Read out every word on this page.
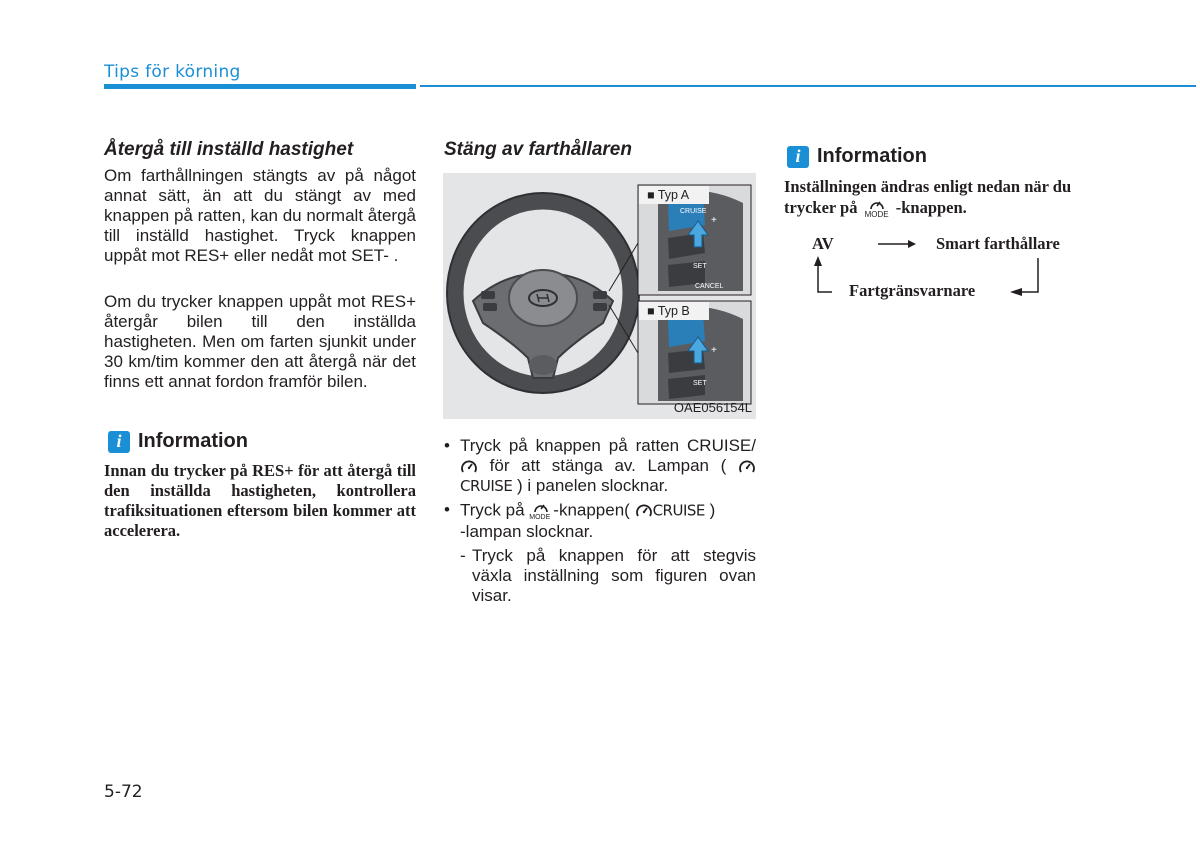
Tips för körning
Återgå till inställd hastighet
Om farthållningen stängts av på något annat sätt, än att du stängt av med knappen på ratten, kan du normalt återgå till inställd hastighet. Tryck knappen uppåt mot RES+ eller nedåt mot SET- .
Om du trycker knappen uppåt mot RES+ återgår bilen till den inställda hastigheten. Men om farten sjunkit under 30 km/tim kommer den att återgå när det finns ett annat fordon framför bilen.
i Information
Innan du trycker på RES+ för att återgå till den inställda hastigheten, kontrollera trafiksituationen eftersom bilen kommer att accelerera.
Stäng av farthållaren
■ Typ A
■ Typ B
CRUISE
+
SET
CANCEL
+
SET
OAE056154L
• Tryck på knappen på ratten CRUISE/  för att stänga av. Lampan ( CRUISE ) i panelen slocknar.
• Tryck på MODE -knappen( CRUISE )
-lampan slocknar.
- Tryck på knappen för att stegvis växla inställning som figuren ovan visar.
i Information
Inställningen ändras enligt nedan när du trycker på MODE -knappen.
AV	Smart farthållare
Fartgränsvarnare
5-72
